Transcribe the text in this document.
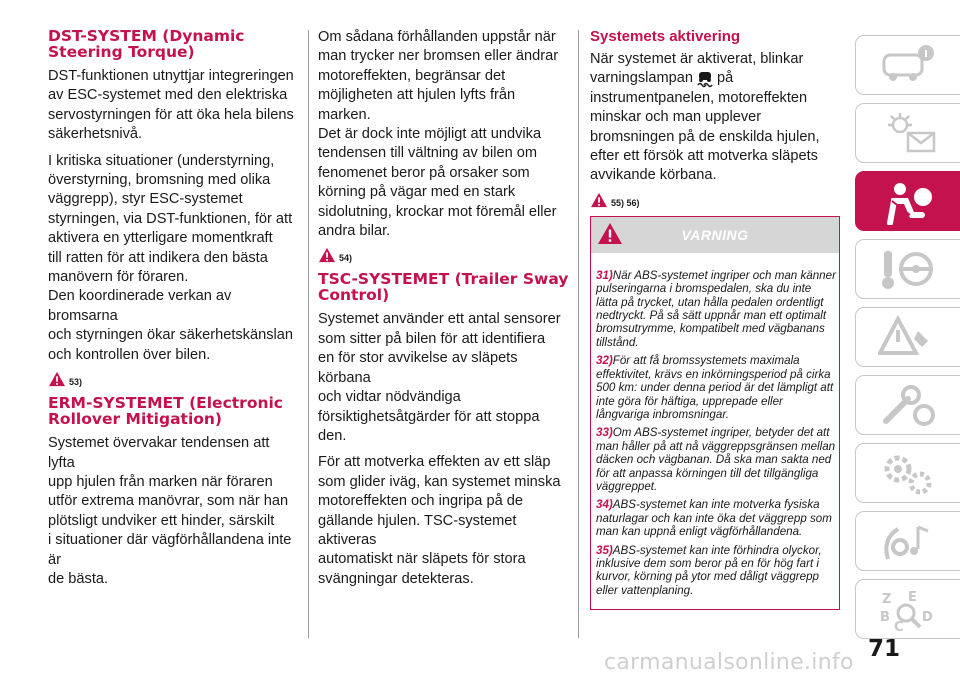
DST-SYSTEM (Dynamic Steering Torque)

DST-funktionen utnyttjar integreringen
av ESC-systemet med den elektriska
servostyrningen för att öka hela bilens
säkerhetsnivå.

I kritiska situationer (understyrning,
överstyrning, bromsning med olika
väggrepp), styr ESC-systemet
styrningen, via DST-funktionen, för att
aktivera en ytterligare momentkraft
till ratten för att indikera den bästa
manövern för föraren.
Den koordinerade verkan av bromsarna
och styrningen ökar säkerhetskänslan
och kontrollen över bilen.

53)
ERM-SYSTEMET (Electronic Rollover Mitigation)

Systemet övervakar tendensen att lyfta
upp hjulen från marken när föraren
utför extrema manövrar, som när han
plötsligt undviker ett hinder, särskilt
i situationer där vägförhållandena inte är
de bästa.

Om sådana förhållanden uppstår när
man trycker ner bromsen eller ändrar
motoreffekten, begränsar det
möjligheten att hjulen lyfts från marken.
Det är dock inte möjligt att undvika
tendensen till vältning av bilen om
fenomenet beror på orsaker som
körning på vägar med en stark
sidolutning, krockar mot föremål eller
andra bilar.

54)
TSC-SYSTEMET (Trailer Sway Control)

Systemet använder ett antal sensorer
som sitter på bilen för att identifiera
en för stor avvikelse av släpets körbana
och vidtar nödvändiga
försiktighetsåtgärder för att stoppa den.

För att motverka effekten av ett släp
som glider iväg, kan systemet minska
motoreffekten och ingripa på de
gällande hjulen. TSC-systemet aktiveras
automatiskt när släpets för stora
svängningar detekteras.

Systemets aktivering

När systemet är aktiverat, blinkar
varningslampan på
instrumentpanelen, motoreffekten
minskar och man upplever
bromsningen på de enskilda hjulen,
efter ett försök att motverka släpets
avvikande körbana.

55) 56)
VARNING

31)När ABS-systemet ingriper och man känner pulseringarna i bromspedalen, ska du inte lätta på trycket, utan hålla pedalen ordentligt nedtryckt. På så sätt uppnår man ett optimalt bromsutrymme, kompatibelt med vägbanans tillstånd.

32)För att få bromssystemets maximala effektivitet, krävs en inkörningsperiod på cirka 500 km: under denna period är det lämpligt att inte göra för häftiga, upprepade eller långvariga inbromsningar.

33)Om ABS-systemet ingriper, betyder det att man håller på att nå väggreppsgränsen mellan däcken och vägbanan. Då ska man sakta ned för att anpassa körningen till det tillgängliga väggreppet.

34)ABS-systemet kan inte motverka fysiska naturlagar och kan inte öka det väggrepp som man kan uppnå enligt vägförhållandena.

35)ABS-systemet kan inte förhindra olyckor, inklusive dem som beror på en för hög fart i kurvor, körning på ytor med dåligt väggrepp eller vattenplaning.

Z E
B D
C
71
carmanualsonline.info
